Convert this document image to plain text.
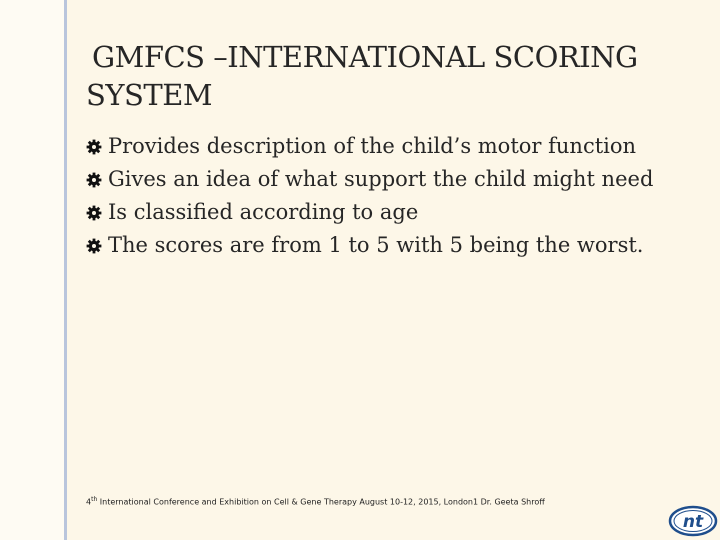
GMFCS –INTERNATIONAL SCORING
SYSTEM
Provides description of the child’s motor function
Gives an idea of what support the child might need
Is classified according to age
The scores are from 1 to 5 with 5 being the worst.
4th International Conference and Exhibition on Cell & Gene Therapy August 10-12, 2015, London1 Dr. Geeta Shroff
nt
